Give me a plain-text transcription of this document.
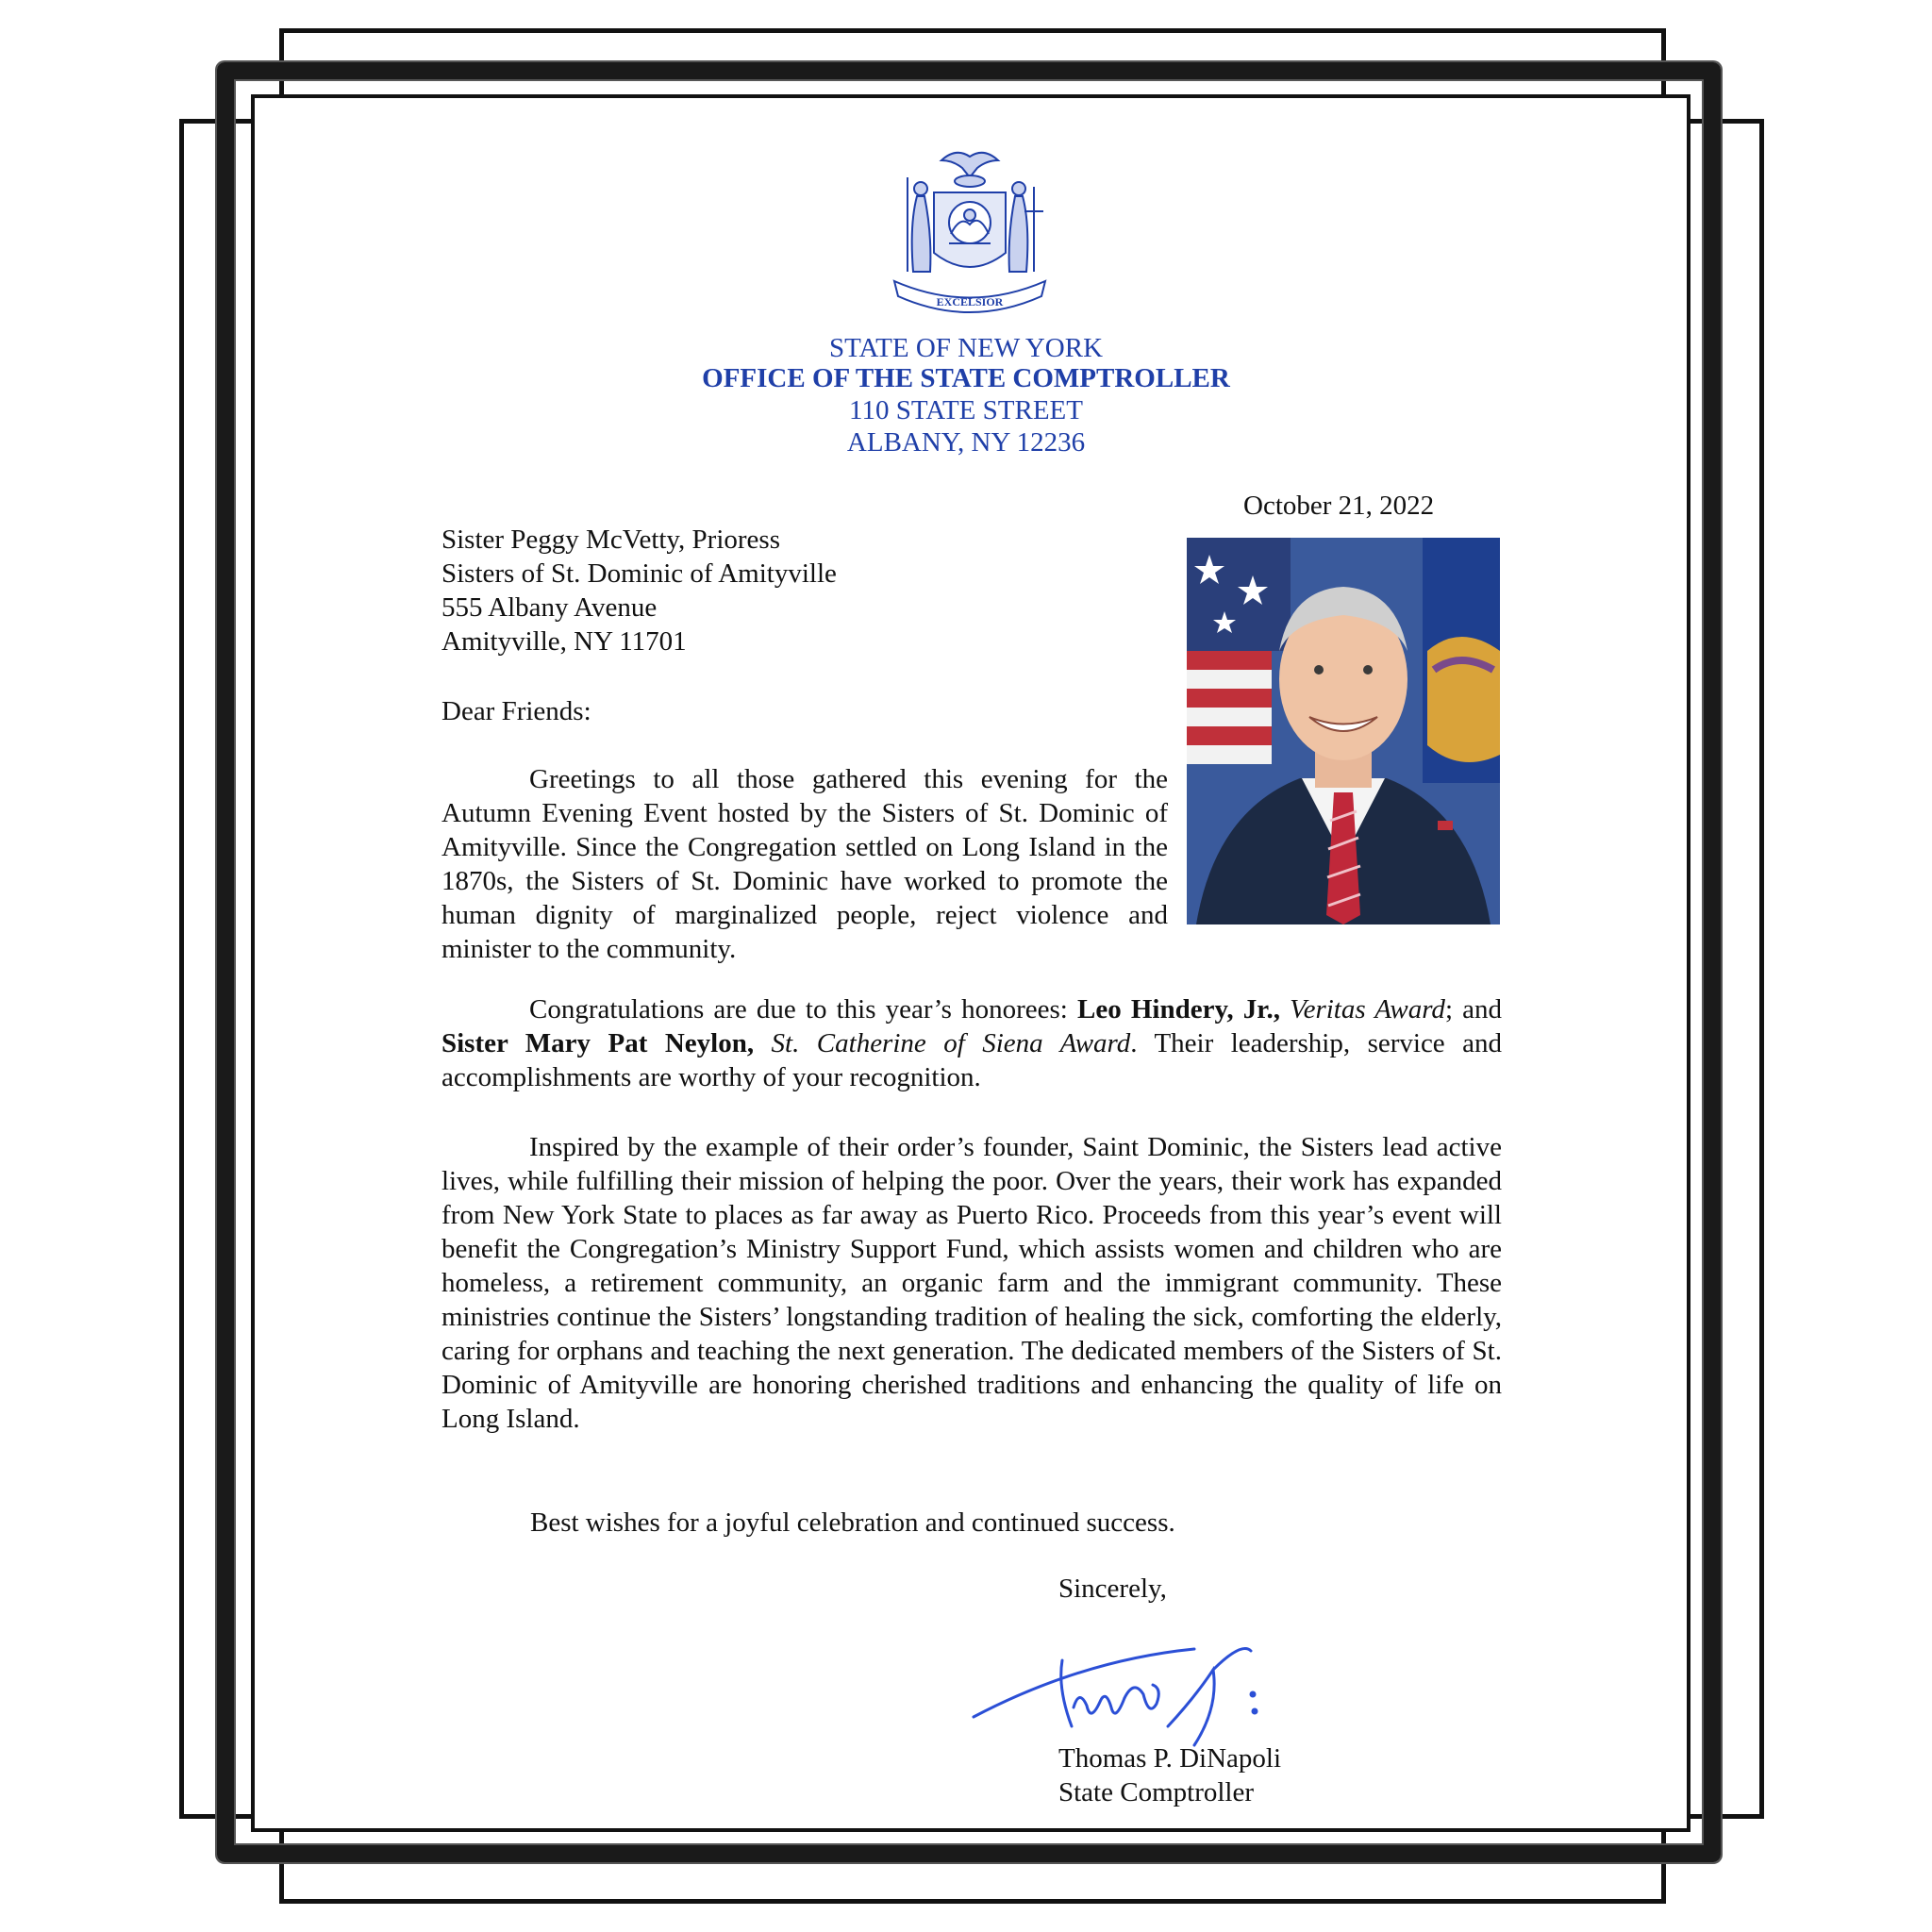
EXCELSIOR
STATE OF NEW YORK
OFFICE OF THE STATE COMPTROLLER
110 STATE STREET
ALBANY, NY 12236
October 21, 2022
Sister Peggy McVetty, Prioress
Sisters of St. Dominic of Amityville
555 Albany Avenue
Amityville, NY 11701
Dear Friends:
Greetings to all those gathered this evening for the Autumn Evening Event hosted by the Sisters of St. Dominic of Amityville. Since the Congregation settled on Long Island in the 1870s, the Sisters of St. Dominic have worked to promote the human dignity of marginalized people, reject violence and minister to the community.
Congratulations are due to this year’s honorees: Leo Hindery, Jr., Veritas Award; and Sister Mary Pat Neylon, St. Catherine of Siena Award. Their leadership, service and accomplishments are worthy of your recognition.
Inspired by the example of their order’s founder, Saint Dominic, the Sisters lead active lives, while fulfilling their mission of helping the poor. Over the years, their work has expanded from New York State to places as far away as Puerto Rico. Proceeds from this year’s event will benefit the Congregation’s Ministry Support Fund, which assists women and children who are homeless, a retirement community, an organic farm and the immigrant community. These ministries continue the Sisters’ longstanding tradition of healing the sick, comforting the elderly, caring for orphans and teaching the next generation. The dedicated members of the Sisters of St. Dominic of Amityville are honoring cherished traditions and enhancing the quality of life on Long Island.
Best wishes for a joyful celebration and continued success.
Sincerely,
Thomas P. DiNapoli
State Comptroller
